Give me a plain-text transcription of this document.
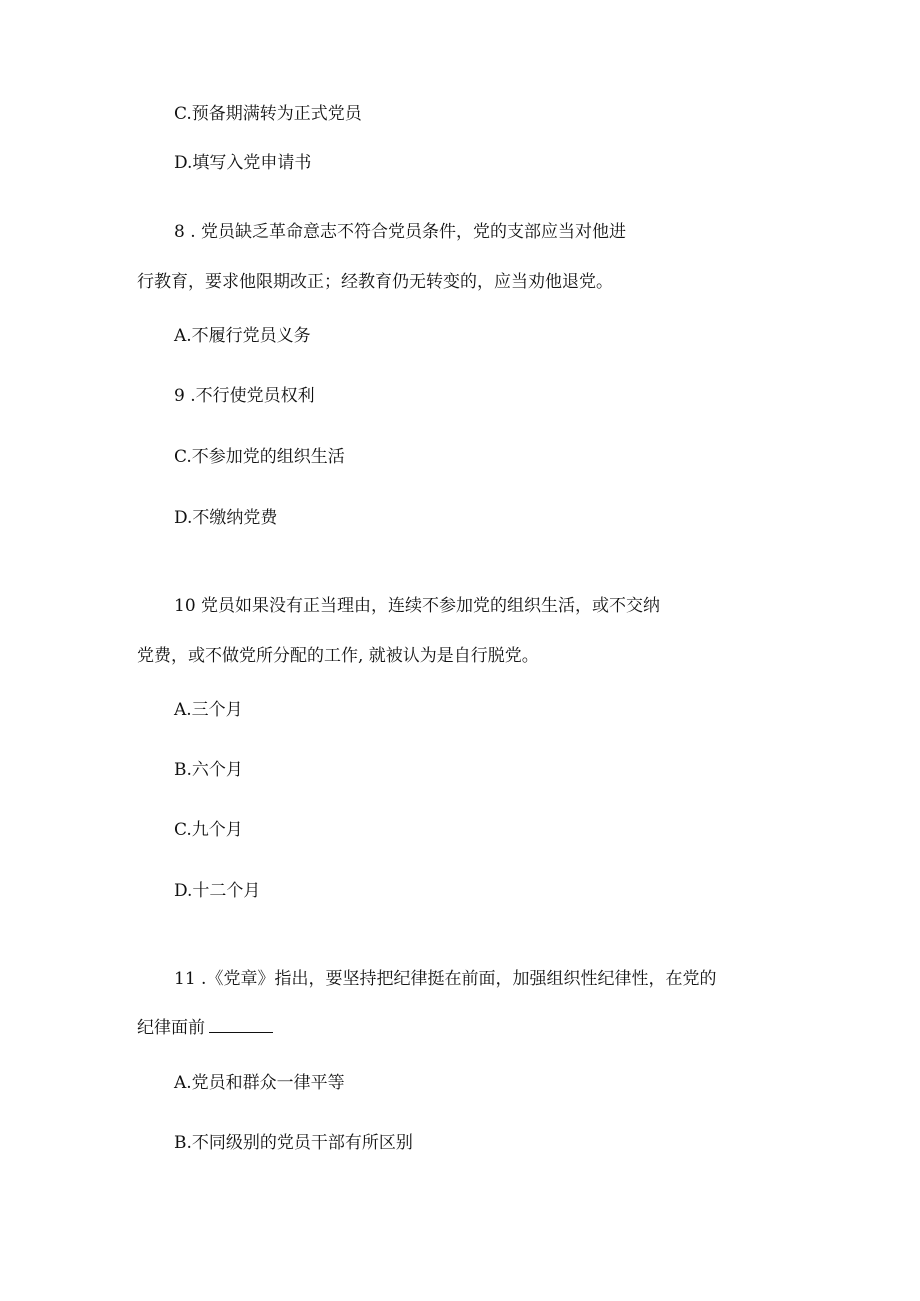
C.预备期满转为正式党员
D.填写入党申请书
8 . 党员缺乏革命意志不符合党员条件，党的支部应当对他进
行教育，要求他限期改正；经教育仍无转变的，应当劝他退党。
A.不履行党员义务
9 .不行使党员权利
C.不参加党的组织生活
D.不缴纳党费
10 党员如果没有正当理由，连续不参加党的组织生活，或不交纳
党费，或不做党所分配的工作, 就被认为是自行脱党。
A.三个月
B.六个月
C.九个月
D.十二个月
11 .《党章》指出，要坚持把纪律挺在前面，加强组织性纪律性，在党的
纪律面前
A.党员和群众一律平等
B.不同级别的党员干部有所区别
